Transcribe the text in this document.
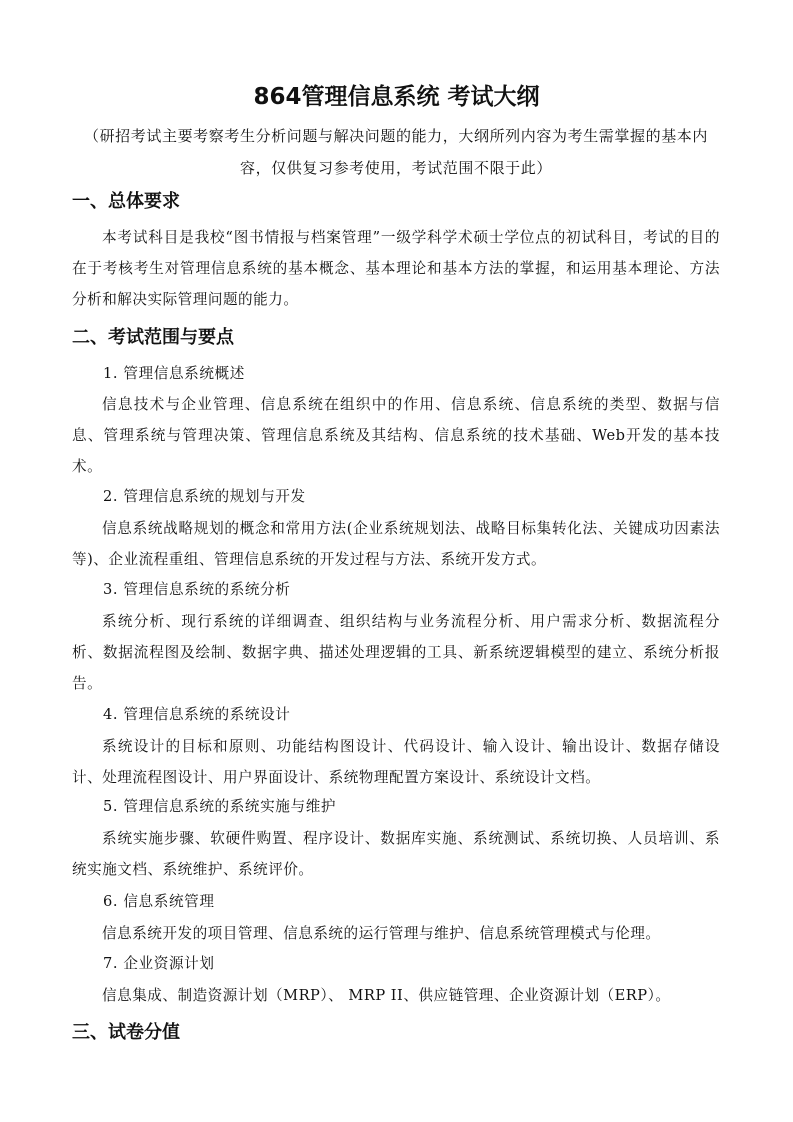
864管理信息系统 考试大纲
（研招考试主要考察考生分析问题与解决问题的能力，大纲所列内容为考生需掌握的基本内容，仅供复习参考使用，考试范围不限于此）
一、总体要求
本考试科目是我校“图书情报与档案管理”一级学科学术硕士学位点的初试科目，考试的目的在于考核考生对管理信息系统的基本概念、基本理论和基本方法的掌握，和运用基本理论、方法分析和解决实际管理问题的能力。
二、考试范围与要点
1. 管理信息系统概述
信息技术与企业管理、信息系统在组织中的作用、信息系统、信息系统的类型、数据与信息、管理系统与管理决策、管理信息系统及其结构、信息系统的技术基础、Web开发的基本技术。
2. 管理信息系统的规划与开发
信息系统战略规划的概念和常用方法(企业系统规划法、战略目标集转化法、关键成功因素法等)、企业流程重组、管理信息系统的开发过程与方法、系统开发方式。
3. 管理信息系统的系统分析
系统分析、现行系统的详细调查、组织结构与业务流程分析、用户需求分析、数据流程分析、数据流程图及绘制、数据字典、描述处理逻辑的工具、新系统逻辑模型的建立、系统分析报告。
4. 管理信息系统的系统设计
系统设计的目标和原则、功能结构图设计、代码设计、输入设计、输出设计、数据存储设计、处理流程图设计、用户界面设计、系统物理配置方案设计、系统设计文档。
5. 管理信息系统的系统实施与维护
系统实施步骤、软硬件购置、程序设计、数据库实施、系统测试、系统切换、人员培训、系统实施文档、系统维护、系统评价。
6. 信息系统管理
信息系统开发的项目管理、信息系统的运行管理与维护、信息系统管理模式与伦理。
7. 企业资源计划
信息集成、制造资源计划（MRP）、 MRP II、供应链管理、企业资源计划（ERP）。
三、试卷分值
